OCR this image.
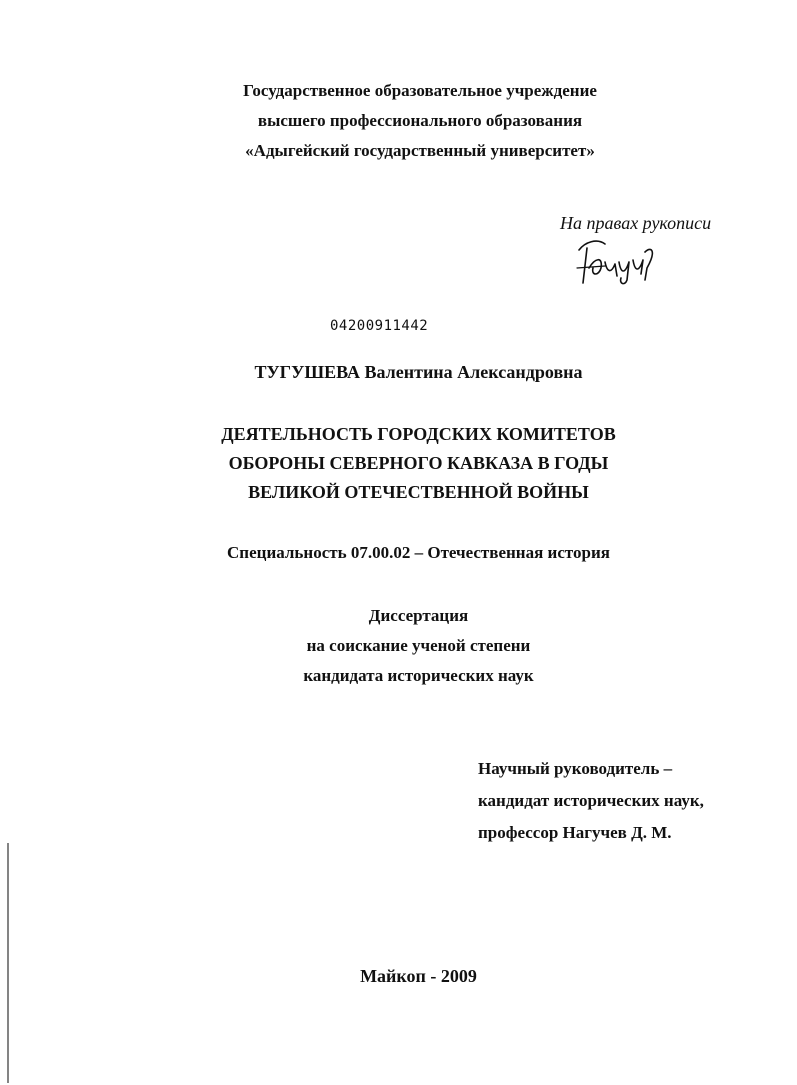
Государственное образовательное учреждение
высшего профессионального образования
«Адыгейский государственный университет»
На правах рукописи
04200911442
ТУГУШЕВА Валентина Александровна
ДЕЯТЕЛЬНОСТЬ ГОРОДСКИХ КОМИТЕТОВ
ОБОРОНЫ СЕВЕРНОГО КАВКАЗА В ГОДЫ
ВЕЛИКОЙ ОТЕЧЕСТВЕННОЙ ВОЙНЫ
Специальность 07.00.02 – Отечественная история
Диссертация
на соискание ученой степени
кандидата исторических наук
Научный руководитель –
кандидат исторических наук,
профессор Нагучев Д. М.
Майкоп - 2009
